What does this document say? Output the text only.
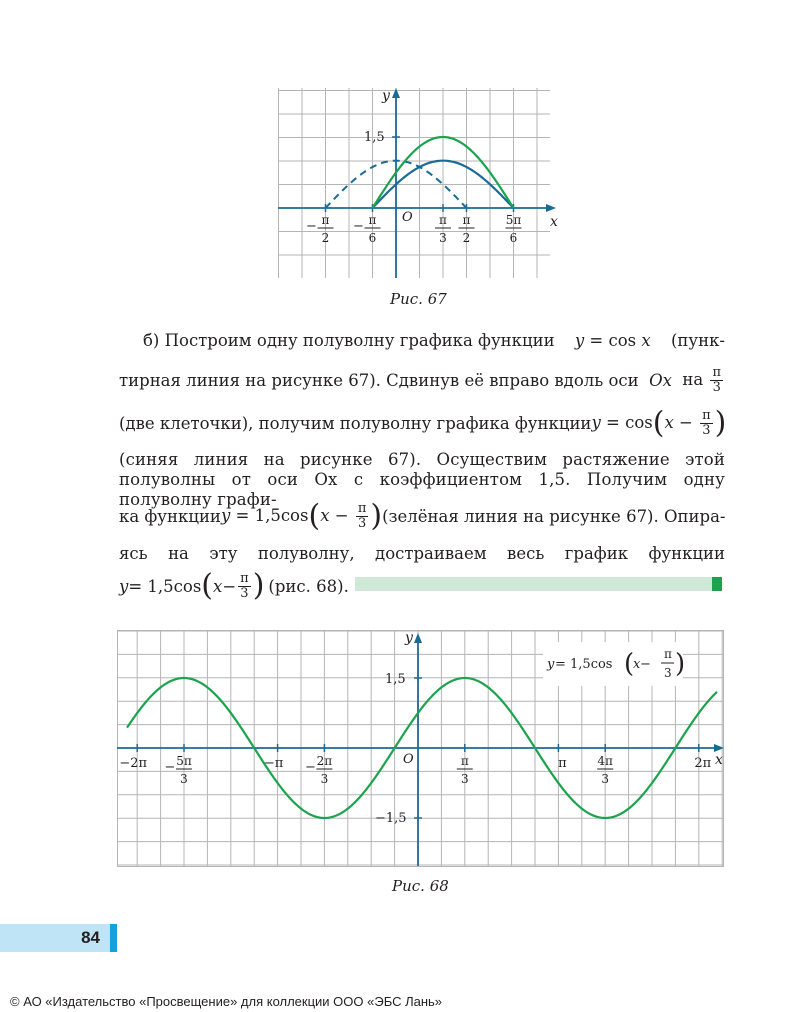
y
x
O
1,5
π
2
−	π
6
−	π
3
π
2
5π
6
Рис. 67
б) Построим одну полуволну графика функции y = cos x (пунк-
тирная линия на рисунке 67). Сдвинув её вправо вдоль оси Ox на $\frac{\pi}{3}$
(две клеточки), получим полуволну графика функции $y = \cos(x - \frac{\pi}{3}$ )
(синяя линия на рисунке 67). Осуществим растяжение этой полуволны от оси Ox с коэффициентом 1,5. Получим одну полуволну графи-
ка функции $y = 1,5\cos(x - \frac{\pi}{3}$ ) (зелёная линия на рисунке 67). Опира-
ясь на эту полуволну, достраиваем весь график функции
y = 1,5cos ( $x - \frac{\pi}{3}$ ) (рис. 68).
y
x
O
1,5
−1,5
−2π	−π	π	2π
5π
3
−	2π
3
−	π
3
4π
3
y = 1,5cos (
x −
π
3 )
Рис. 68
84
© АО «Издательство «Просвещение» для коллекции ООО «ЭБС Лань»
